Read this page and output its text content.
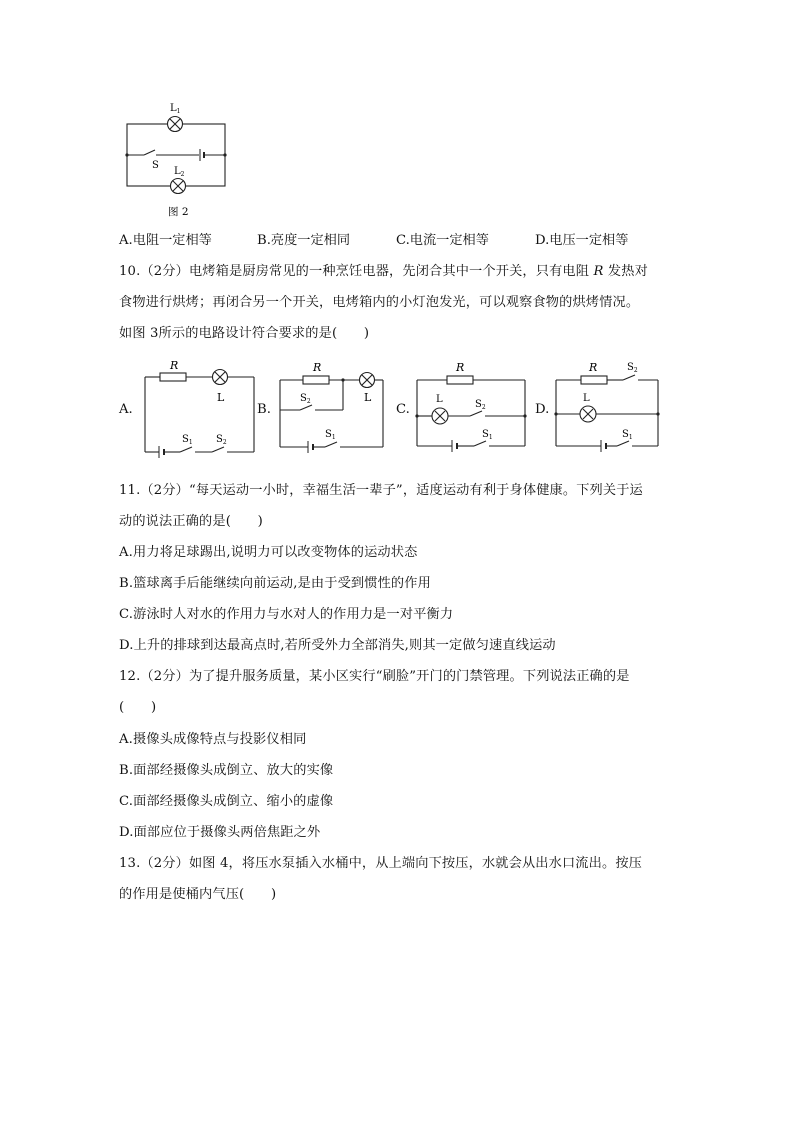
$L_1$
S
$L_2$
图 2
A.电阻一定相等	B.亮度一定相同	C.电流一定相等	D.电压一定相等
10.（2分）电烤箱是厨房常见的一种烹饪电器，先闭合其中一个开关，只有电阻 R 发热对
食物进行烘烤；再闭合另一个开关，电烤箱内的小灯泡发光，可以观察食物的烘烤情况。
如图 3所示的电路设计符合要求的是(　　)
A.
R
L
$S_1$ $S_2$
B.
R
L
$S_2$
$S_1$
C.
R
L	$S_2$
$S_1$
D.
R
L
$S_2$
$S_1$
11.（2分）“每天运动一小时，幸福生活一辈子”，适度运动有利于身体健康。下列关于运
动的说法正确的是(　　)
A.用力将足球踢出,说明力可以改变物体的运动状态
B.篮球离手后能继续向前运动,是由于受到惯性的作用
C.游泳时人对水的作用力与水对人的作用力是一对平衡力
D.上升的排球到达最高点时,若所受外力全部消失,则其一定做匀速直线运动
12.（2分）为了提升服务质量，某小区实行“刷脸”开门的门禁管理。下列说法正确的是
(　　)
A.摄像头成像特点与投影仪相同
B.面部经摄像头成倒立、放大的实像
C.面部经摄像头成倒立、缩小的虚像
D.面部应位于摄像头两倍焦距之外
13.（2分）如图 4，将压水泵插入水桶中，从上端向下按压，水就会从出水口流出。按压
的作用是使桶内气压(　　)
